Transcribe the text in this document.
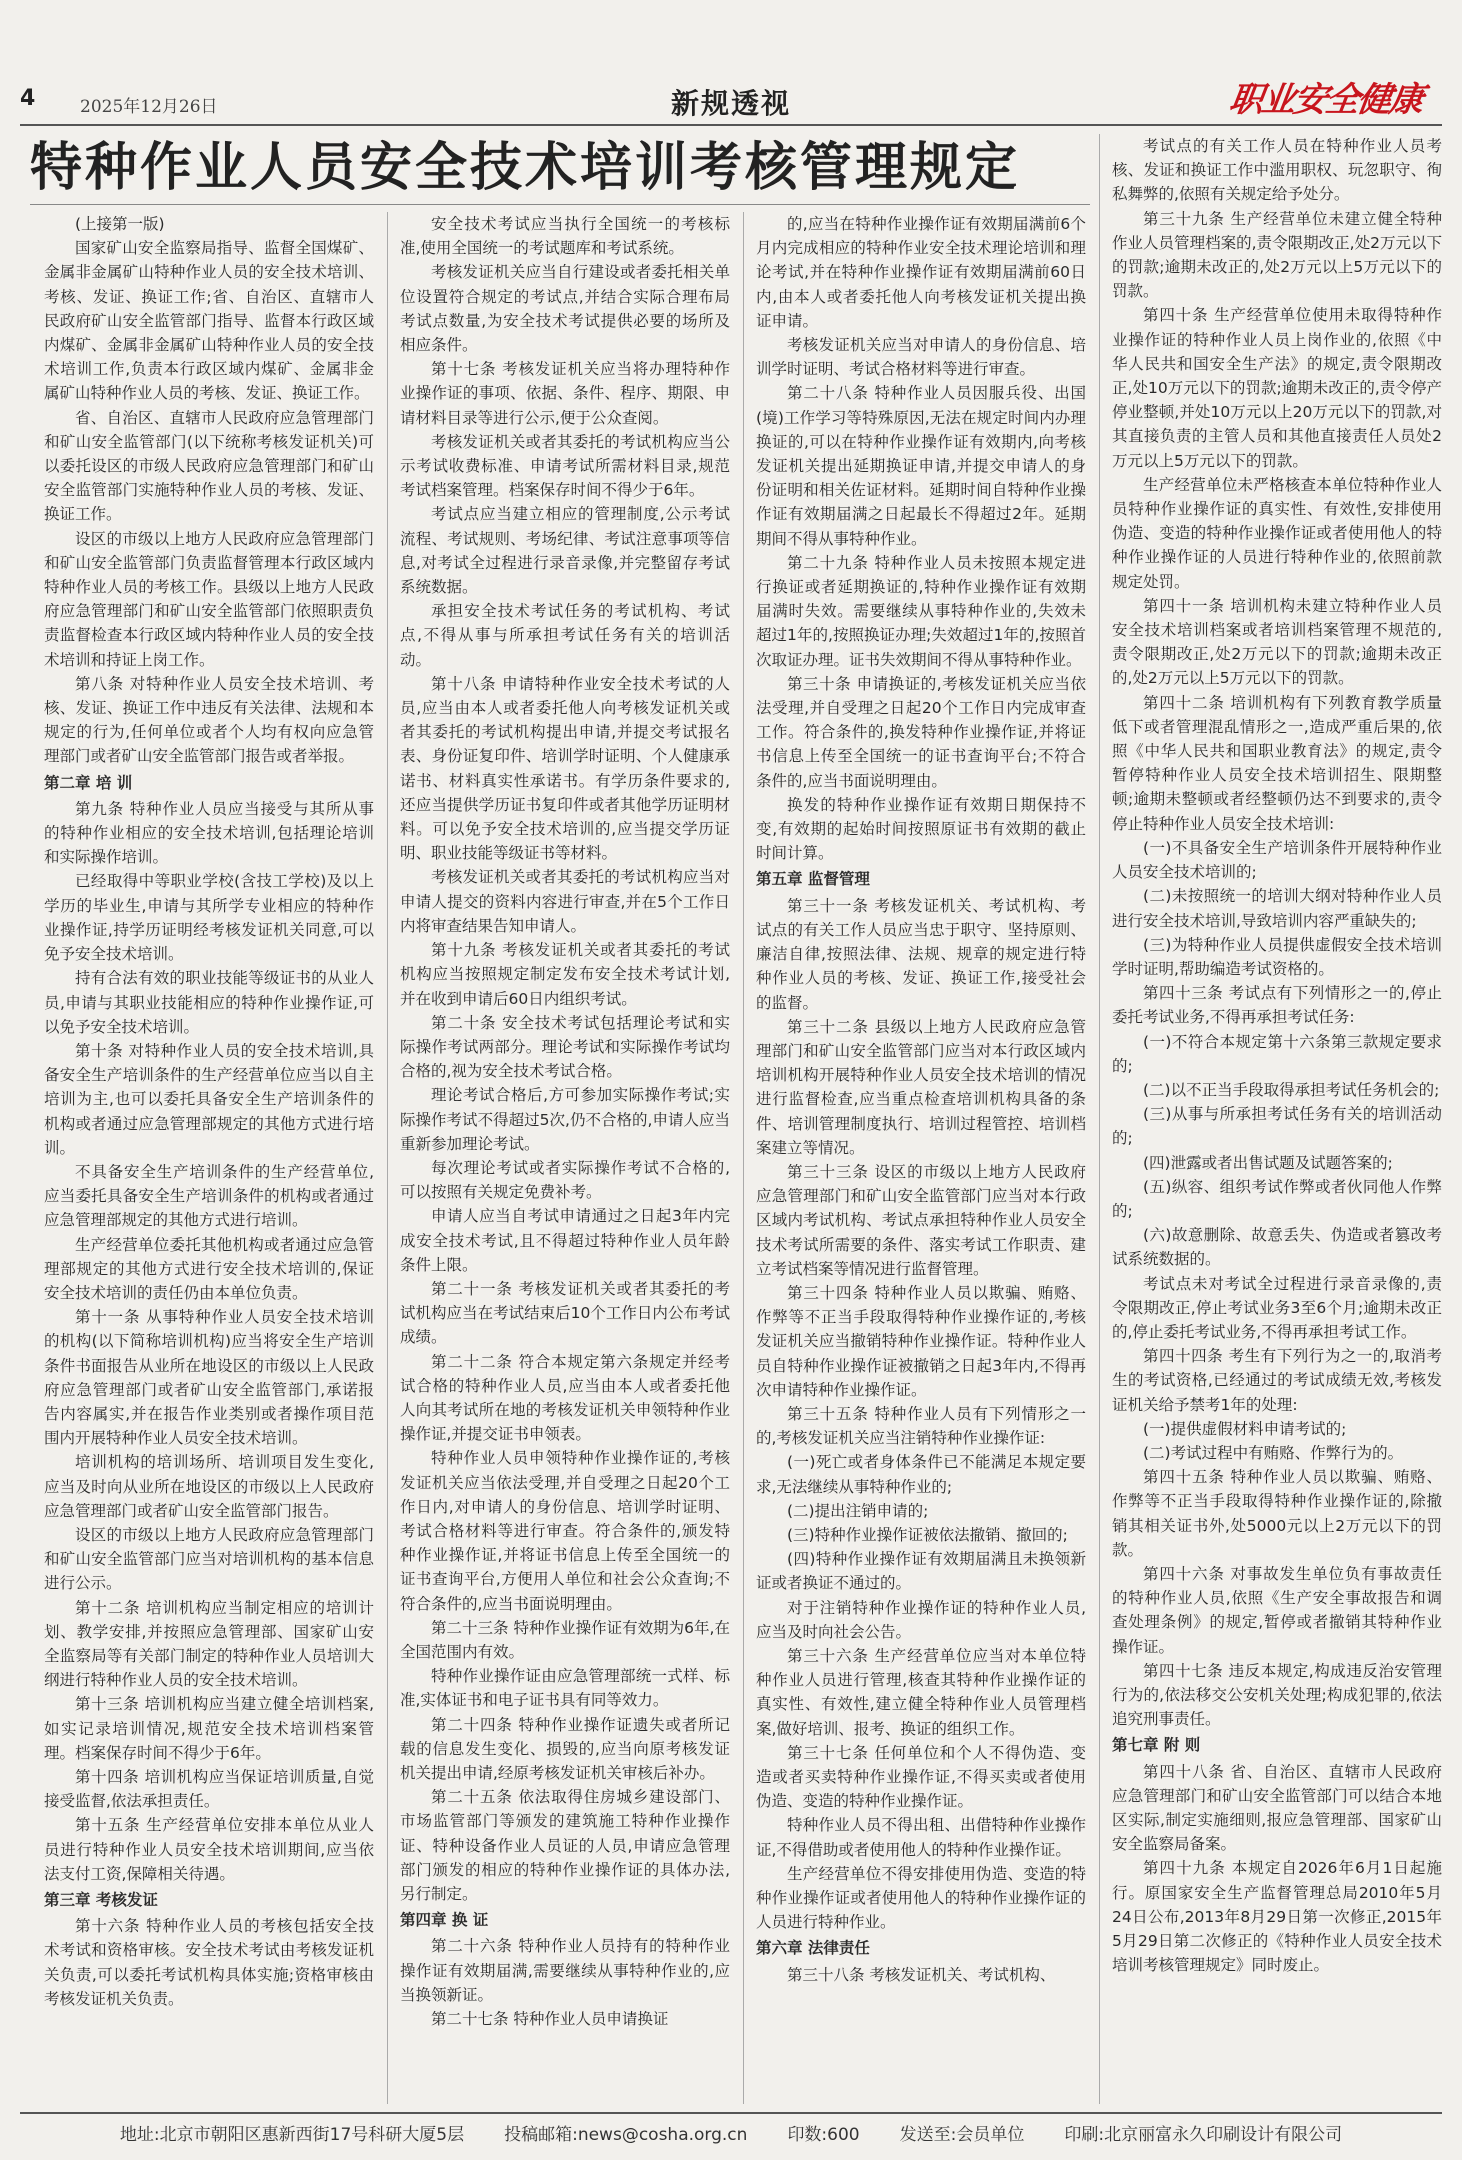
4	2025年12月26日	新规透视	职业安全健康
特种作业人员安全技术培训考核管理规定

(上接第一版)

国家矿山安全监察局指导、监督全国煤矿、金属非金属矿山特种作业人员的安全技术培训、考核、发证、换证工作;省、自治区、直辖市人民政府矿山安全监管部门指导、监督本行政区域内煤矿、金属非金属矿山特种作业人员的安全技术培训工作,负责本行政区域内煤矿、金属非金属矿山特种作业人员的考核、发证、换证工作。

省、自治区、直辖市人民政府应急管理部门和矿山安全监管部门(以下统称考核发证机关)可以委托设区的市级人民政府应急管理部门和矿山安全监管部门实施特种作业人员的考核、发证、换证工作。

设区的市级以上地方人民政府应急管理部门和矿山安全监管部门负责监督管理本行政区域内特种作业人员的考核工作。县级以上地方人民政府应急管理部门和矿山安全监管部门依照职责负责监督检查本行政区域内特种作业人员的安全技术培训和持证上岗工作。

第八条 对特种作业人员安全技术培训、考核、发证、换证工作中违反有关法律、法规和本规定的行为,任何单位或者个人均有权向应急管理部门或者矿山安全监管部门报告或者举报。

第二章 培 训

第九条 特种作业人员应当接受与其所从事的特种作业相应的安全技术培训,包括理论培训和实际操作培训。

已经取得中等职业学校(含技工学校)及以上学历的毕业生,申请与其所学专业相应的特种作业操作证,持学历证明经考核发证机关同意,可以免予安全技术培训。

持有合法有效的职业技能等级证书的从业人员,申请与其职业技能相应的特种作业操作证,可以免予安全技术培训。

第十条 对特种作业人员的安全技术培训,具备安全生产培训条件的生产经营单位应当以自主培训为主,也可以委托具备安全生产培训条件的机构或者通过应急管理部规定的其他方式进行培训。

不具备安全生产培训条件的生产经营单位,应当委托具备安全生产培训条件的机构或者通过应急管理部规定的其他方式进行培训。

生产经营单位委托其他机构或者通过应急管理部规定的其他方式进行安全技术培训的,保证安全技术培训的责任仍由本单位负责。

第十一条 从事特种作业人员安全技术培训的机构(以下简称培训机构)应当将安全生产培训条件书面报告从业所在地设区的市级以上人民政府应急管理部门或者矿山安全监管部门,承诺报告内容属实,并在报告作业类别或者操作项目范围内开展特种作业人员安全技术培训。

培训机构的培训场所、培训项目发生变化,应当及时向从业所在地设区的市级以上人民政府应急管理部门或者矿山安全监管部门报告。

设区的市级以上地方人民政府应急管理部门和矿山安全监管部门应当对培训机构的基本信息进行公示。

第十二条 培训机构应当制定相应的培训计划、教学安排,并按照应急管理部、国家矿山安全监察局等有关部门制定的特种作业人员培训大纲进行特种作业人员的安全技术培训。

第十三条 培训机构应当建立健全培训档案,如实记录培训情况,规范安全技术培训档案管理。档案保存时间不得少于6年。

第十四条 培训机构应当保证培训质量,自觉接受监督,依法承担责任。

第十五条 生产经营单位安排本单位从业人员进行特种作业人员安全技术培训期间,应当依法支付工资,保障相关待遇。

第三章 考核发证

第十六条 特种作业人员的考核包括安全技术考试和资格审核。安全技术考试由考核发证机关负责,可以委托考试机构具体实施;资格审核由考核发证机关负责。

安全技术考试应当执行全国统一的考核标准,使用全国统一的考试题库和考试系统。

考核发证机关应当自行建设或者委托相关单位设置符合规定的考试点,并结合实际合理布局考试点数量,为安全技术考试提供必要的场所及相应条件。

第十七条 考核发证机关应当将办理特种作业操作证的事项、依据、条件、程序、期限、申请材料目录等进行公示,便于公众查阅。

考核发证机关或者其委托的考试机构应当公示考试收费标准、申请考试所需材料目录,规范考试档案管理。档案保存时间不得少于6年。

考试点应当建立相应的管理制度,公示考试流程、考试规则、考场纪律、考试注意事项等信息,对考试全过程进行录音录像,并完整留存考试系统数据。

承担安全技术考试任务的考试机构、考试点,不得从事与所承担考试任务有关的培训活动。

第十八条 申请特种作业安全技术考试的人员,应当由本人或者委托他人向考核发证机关或者其委托的考试机构提出申请,并提交考试报名表、身份证复印件、培训学时证明、个人健康承诺书、材料真实性承诺书。有学历条件要求的,还应当提供学历证书复印件或者其他学历证明材料。可以免予安全技术培训的,应当提交学历证明、职业技能等级证书等材料。

考核发证机关或者其委托的考试机构应当对申请人提交的资料内容进行审查,并在5个工作日内将审查结果告知申请人。

第十九条 考核发证机关或者其委托的考试机构应当按照规定制定发布安全技术考试计划,并在收到申请后60日内组织考试。

第二十条 安全技术考试包括理论考试和实际操作考试两部分。理论考试和实际操作考试均合格的,视为安全技术考试合格。

理论考试合格后,方可参加实际操作考试;实际操作考试不得超过5次,仍不合格的,申请人应当重新参加理论考试。

每次理论考试或者实际操作考试不合格的,可以按照有关规定免费补考。

申请人应当自考试申请通过之日起3年内完成安全技术考试,且不得超过特种作业人员年龄条件上限。

第二十一条 考核发证机关或者其委托的考试机构应当在考试结束后10个工作日内公布考试成绩。

第二十二条 符合本规定第六条规定并经考试合格的特种作业人员,应当由本人或者委托他人向其考试所在地的考核发证机关申领特种作业操作证,并提交证书申领表。

特种作业人员申领特种作业操作证的,考核发证机关应当依法受理,并自受理之日起20个工作日内,对申请人的身份信息、培训学时证明、考试合格材料等进行审查。符合条件的,颁发特种作业操作证,并将证书信息上传至全国统一的证书查询平台,方便用人单位和社会公众查询;不符合条件的,应当书面说明理由。

第二十三条 特种作业操作证有效期为6年,在全国范围内有效。

特种作业操作证由应急管理部统一式样、标准,实体证书和电子证书具有同等效力。

第二十四条 特种作业操作证遗失或者所记载的信息发生变化、损毁的,应当向原考核发证机关提出申请,经原考核发证机关审核后补办。

第二十五条 依法取得住房城乡建设部门、市场监管部门等颁发的建筑施工特种作业操作证、特种设备作业人员证的人员,申请应急管理部门颁发的相应的特种作业操作证的具体办法,另行制定。

第四章 换 证

第二十六条 特种作业人员持有的特种作业操作证有效期届满,需要继续从事特种作业的,应当换领新证。

第二十七条 特种作业人员申请换证

的,应当在特种作业操作证有效期届满前6个月内完成相应的特种作业安全技术理论培训和理论考试,并在特种作业操作证有效期届满前60日内,由本人或者委托他人向考核发证机关提出换证申请。

考核发证机关应当对申请人的身份信息、培训学时证明、考试合格材料等进行审查。

第二十八条 特种作业人员因服兵役、出国(境)工作学习等特殊原因,无法在规定时间内办理换证的,可以在特种作业操作证有效期内,向考核发证机关提出延期换证申请,并提交申请人的身份证明和相关佐证材料。延期时间自特种作业操作证有效期届满之日起最长不得超过2年。延期期间不得从事特种作业。

第二十九条 特种作业人员未按照本规定进行换证或者延期换证的,特种作业操作证有效期届满时失效。需要继续从事特种作业的,失效未超过1年的,按照换证办理;失效超过1年的,按照首次取证办理。证书失效期间不得从事特种作业。

第三十条 申请换证的,考核发证机关应当依法受理,并自受理之日起20个工作日内完成审查工作。符合条件的,换发特种作业操作证,并将证书信息上传至全国统一的证书查询平台;不符合条件的,应当书面说明理由。

换发的特种作业操作证有效期日期保持不变,有效期的起始时间按照原证书有效期的截止时间计算。

第五章 监督管理

第三十一条 考核发证机关、考试机构、考试点的有关工作人员应当忠于职守、坚持原则、廉洁自律,按照法律、法规、规章的规定进行特种作业人员的考核、发证、换证工作,接受社会的监督。

第三十二条 县级以上地方人民政府应急管理部门和矿山安全监管部门应当对本行政区域内培训机构开展特种作业人员安全技术培训的情况进行监督检查,应当重点检查培训机构具备的条件、培训管理制度执行、培训过程管控、培训档案建立等情况。

第三十三条 设区的市级以上地方人民政府应急管理部门和矿山安全监管部门应当对本行政区域内考试机构、考试点承担特种作业人员安全技术考试所需要的条件、落实考试工作职责、建立考试档案等情况进行监督管理。

第三十四条 特种作业人员以欺骗、贿赂、作弊等不正当手段取得特种作业操作证的,考核发证机关应当撤销特种作业操作证。特种作业人员自特种作业操作证被撤销之日起3年内,不得再次申请特种作业操作证。

第三十五条 特种作业人员有下列情形之一的,考核发证机关应当注销特种作业操作证:

(一)死亡或者身体条件已不能满足本规定要求,无法继续从事特种作业的;

(二)提出注销申请的;

(三)特种作业操作证被依法撤销、撤回的;

(四)特种作业操作证有效期届满且未换领新证或者换证不通过的。

对于注销特种作业操作证的特种作业人员,应当及时向社会公告。

第三十六条 生产经营单位应当对本单位特种作业人员进行管理,核查其特种作业操作证的真实性、有效性,建立健全特种作业人员管理档案,做好培训、报考、换证的组织工作。

第三十七条 任何单位和个人不得伪造、变造或者买卖特种作业操作证,不得买卖或者使用伪造、变造的特种作业操作证。

特种作业人员不得出租、出借特种作业操作证,不得借助或者使用他人的特种作业操作证。

生产经营单位不得安排使用伪造、变造的特种作业操作证或者使用他人的特种作业操作证的人员进行特种作业。

第六章 法律责任

第三十八条 考核发证机关、考试机构、

考试点的有关工作人员在特种作业人员考核、发证和换证工作中滥用职权、玩忽职守、徇私舞弊的,依照有关规定给予处分。

第三十九条 生产经营单位未建立健全特种作业人员管理档案的,责令限期改正,处2万元以下的罚款;逾期未改正的,处2万元以上5万元以下的罚款。

第四十条 生产经营单位使用未取得特种作业操作证的特种作业人员上岗作业的,依照《中华人民共和国安全生产法》的规定,责令限期改正,处10万元以下的罚款;逾期未改正的,责令停产停业整顿,并处10万元以上20万元以下的罚款,对其直接负责的主管人员和其他直接责任人员处2万元以上5万元以下的罚款。

生产经营单位未严格核查本单位特种作业人员特种作业操作证的真实性、有效性,安排使用伪造、变造的特种作业操作证或者使用他人的特种作业操作证的人员进行特种作业的,依照前款规定处罚。

第四十一条 培训机构未建立特种作业人员安全技术培训档案或者培训档案管理不规范的,责令限期改正,处2万元以下的罚款;逾期未改正的,处2万元以上5万元以下的罚款。

第四十二条 培训机构有下列教育教学质量低下或者管理混乱情形之一,造成严重后果的,依照《中华人民共和国职业教育法》的规定,责令暂停特种作业人员安全技术培训招生、限期整顿;逾期未整顿或者经整顿仍达不到要求的,责令停止特种作业人员安全技术培训:

(一)不具备安全生产培训条件开展特种作业人员安全技术培训的;

(二)未按照统一的培训大纲对特种作业人员进行安全技术培训,导致培训内容严重缺失的;

(三)为特种作业人员提供虚假安全技术培训学时证明,帮助编造考试资格的。

第四十三条 考试点有下列情形之一的,停止委托考试业务,不得再承担考试任务:

(一)不符合本规定第十六条第三款规定要求的;

(二)以不正当手段取得承担考试任务机会的;

(三)从事与所承担考试任务有关的培训活动的;

(四)泄露或者出售试题及试题答案的;

(五)纵容、组织考试作弊或者伙同他人作弊的;

(六)故意删除、故意丢失、伪造或者篡改考试系统数据的。

考试点未对考试全过程进行录音录像的,责令限期改正,停止考试业务3至6个月;逾期未改正的,停止委托考试业务,不得再承担考试工作。

第四十四条 考生有下列行为之一的,取消考生的考试资格,已经通过的考试成绩无效,考核发证机关给予禁考1年的处理:

(一)提供虚假材料申请考试的;

(二)考试过程中有贿赂、作弊行为的。

第四十五条 特种作业人员以欺骗、贿赂、作弊等不正当手段取得特种作业操作证的,除撤销其相关证书外,处5000元以上2万元以下的罚款。

第四十六条 对事故发生单位负有事故责任的特种作业人员,依照《生产安全事故报告和调查处理条例》的规定,暂停或者撤销其特种作业操作证。

第四十七条 违反本规定,构成违反治安管理行为的,依法移交公安机关处理;构成犯罪的,依法追究刑事责任。

第七章 附 则

第四十八条 省、自治区、直辖市人民政府应急管理部门和矿山安全监管部门可以结合本地区实际,制定实施细则,报应急管理部、国家矿山安全监察局备案。

第四十九条 本规定自2026年6月1日起施行。原国家安全生产监督管理总局2010年5月24日公布,2013年8月29日第一次修正,2015年5月29日第二次修正的《特种作业人员安全技术培训考核管理规定》同时废止。

地址:北京市朝阳区惠新西街17号科研大厦5层 投稿邮箱:news@cosha.org.cn 印数:600 发送至:会员单位 印刷:北京丽富永久印刷设计有限公司
